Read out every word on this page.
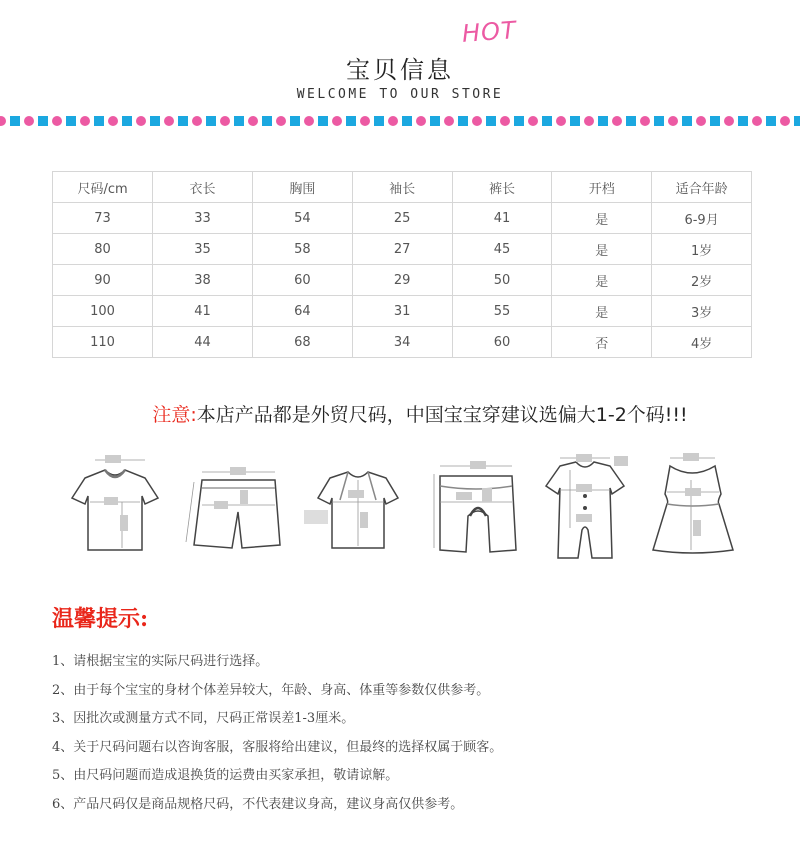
宝贝信息
HOT
WELCOME TO OUR STORE
尺码/cm	衣长	胸围	袖长	裤长	开档	适合年龄
73	33	54	25	41	是	6-9月
80	35	58	27	45	是	1岁
90	38	60	29	50	是	2岁
100	41	64	31	55	是	3岁
110	44	68	34	60	否	4岁
注意:本店产品都是外贸尺码，中国宝宝穿建议选偏大1-2个码!!!
温馨提示:
1、请根据宝宝的实际尺码进行选择。
2、由于每个宝宝的身材个体差异较大，年龄、身高、体重等参数仅供参考。
3、因批次或测量方式不同，尺码正常误差1-3厘米。
4、关于尺码问题右以咨询客服，客服将给出建议，但最终的选择权属于顾客。
5、由尺码问题而造成退换货的运费由买家承担，敬请谅解。
6、产品尺码仅是商品规格尺码，不代表建议身高，建议身高仅供参考。
